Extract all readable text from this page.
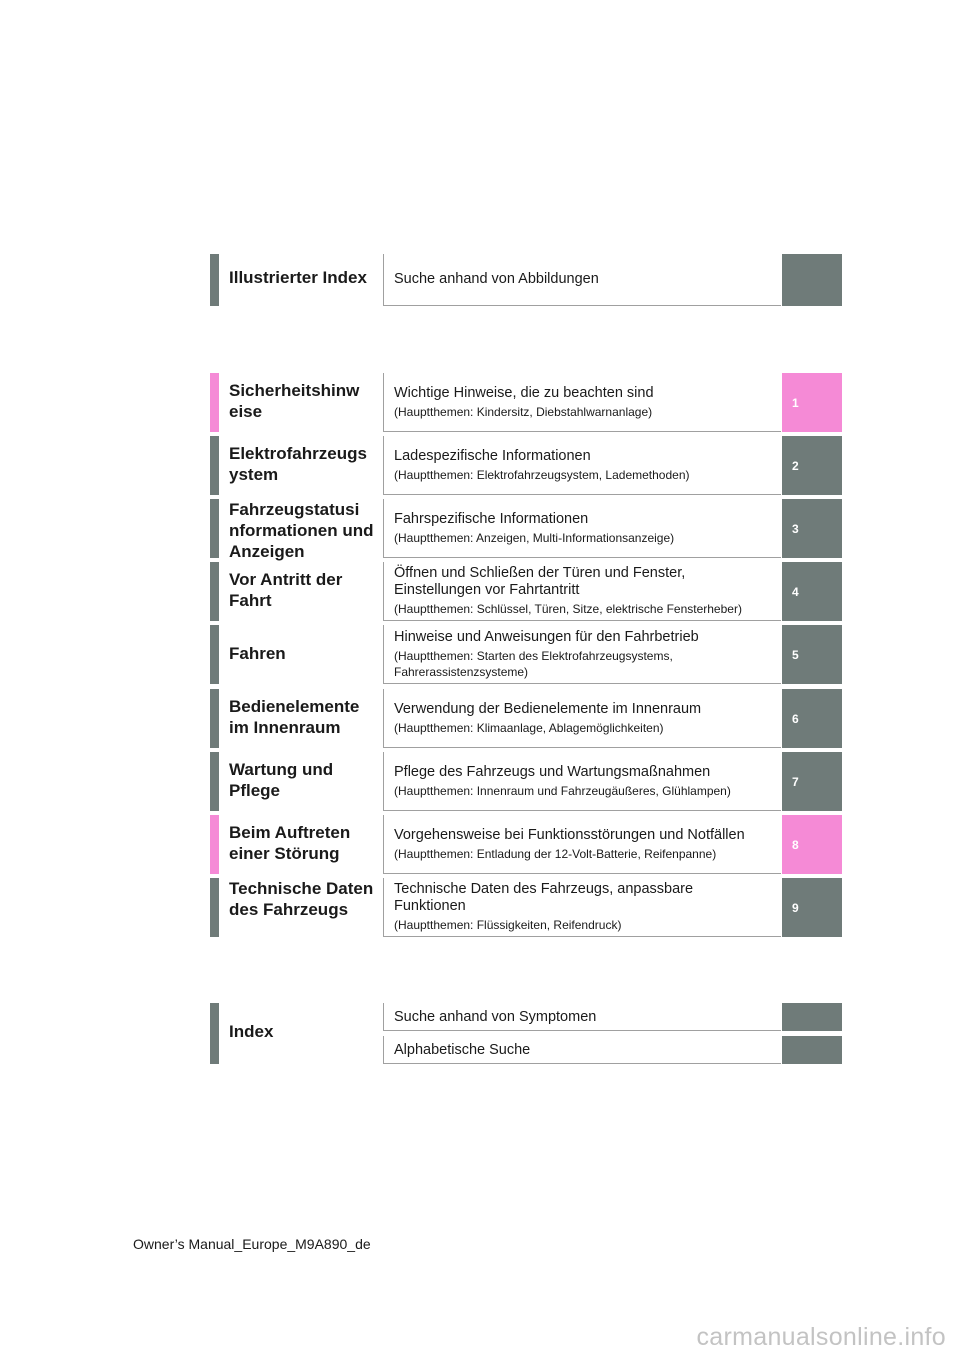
Illustrierter Index	Suche anhand von Abbildungen
Sicherheitshinw eise
Wichtige Hinweise, die zu beachten sind
(Hauptthemen: Kindersitz, Diebstahlwarnanlage)
1
Elektrofahrzeugs ystem
Ladespezifische Informationen
(Hauptthemen: Elektrofahrzeugsystem, Lademethoden)
2
Fahrzeugstatusi nformationen und Anzeigen
Fahrspezifische Informationen
(Hauptthemen: Anzeigen, Multi-Informationsanzeige)
3
Vor Antritt der Fahrt
Öffnen und Schließen der Türen und Fenster,
Einstellungen vor Fahrtantritt
(Hauptthemen: Schlüssel, Türen, Sitze, elektrische Fensterheber)
4
Fahren
Hinweise und Anweisungen für den Fahrbetrieb
(Hauptthemen: Starten des Elektrofahrzeugsystems, Fahrerassistenzsysteme)
5
Bedienelemente im Innenraum
Verwendung der Bedienelemente im Innenraum
(Hauptthemen: Klimaanlage, Ablagemöglichkeiten)
6
Wartung und Pflege
Pflege des Fahrzeugs und Wartungsmaßnahmen
(Hauptthemen: Innenraum und Fahrzeugäußeres, Glühlampen)
7
Beim Auftreten einer Störung
Vorgehensweise bei Funktionsstörungen und Notfällen
(Hauptthemen: Entladung der 12-Volt-Batterie, Reifenpanne)
8
Technische Daten des Fahrzeugs
Technische Daten des Fahrzeugs, anpassbare
Funktionen
(Hauptthemen: Flüssigkeiten, Reifendruck)
9
Index
Suche anhand von Symptomen
Alphabetische Suche
Owner’s Manual_Europe_M9A890_de
carmanualsonline.info
